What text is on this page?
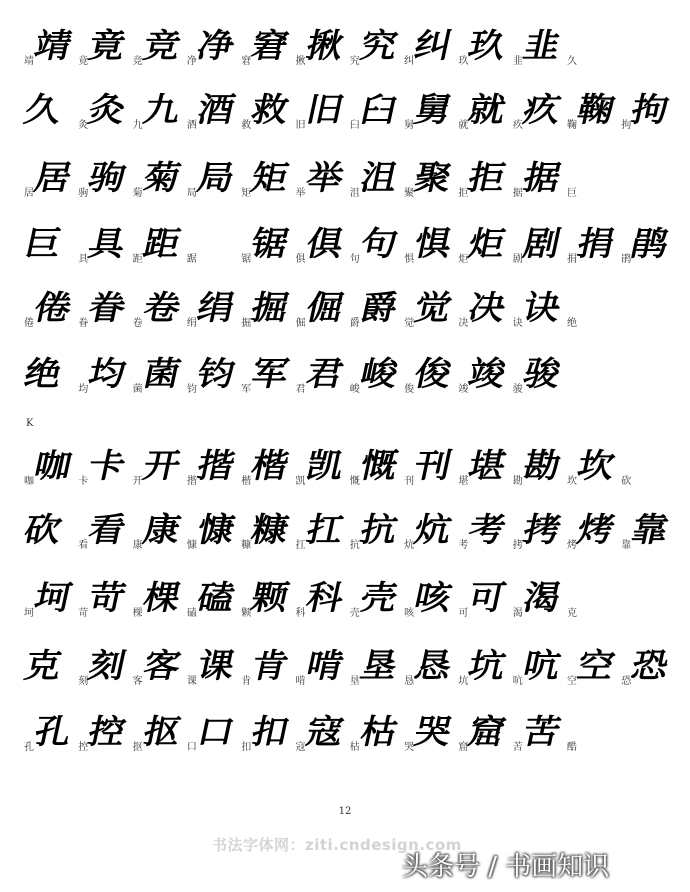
靖
靖 竟
竟 竞
竞 净
净 窘
窘 揪
揪 究
究 纠
纠 玖
玖 韭
韭 久
久 灸
灸 九
九 酒
酒 救
救 旧
旧 臼
臼 舅
舅 就
就 疚
疚 鞠
鞠 拘
拘
居
居 驹
驹 菊
菊 局
局 矩
矩 举
举 沮
沮 聚
聚 拒
拒 据
据 巨
巨 具
具 距
距 踞	锯
锯 俱
俱 句
句 惧
惧 炬
炬 剧
剧 捐
捐 鹃
鹃
倦
倦 眷
眷 卷
卷 绢
绢 掘
掘 倔
倔 爵
爵 觉
觉 决
决 诀
诀 绝
绝 均
均 菌
菌 钧
钧 军
军 君
君 峻
峻 俊
俊 竣
竣 骏
骏
咖
咖 卡
卡 开
开 揩
揩 楷
楷 凯
凯 慨
慨 刊
刊 堪
堪 勘
勘 坎
坎 砍
砍 看
看 康
康 慷
慷 糠
糠 扛
扛 抗
抗 炕
炕 考
考 拷
拷 烤
烤 靠
靠
坷
坷 苛
苛 棵
棵 磕
磕 颗
颗 科
科 壳
壳 咳
咳 可
可 渴
渴 克
克 刻
刻 客
客 课
课 肯
肯 啃
啃 垦
垦 恳
恳 坑
坑 吭
吭 空
空 恐
恐
孔
孔 控
控 抠
抠 口
口 扣
扣 寇
寇 枯
枯 哭
哭 窟
窟 苦
苦 酷
K
12
书法字体网：ziti.cndesign.com
头条号 / 书画知识
